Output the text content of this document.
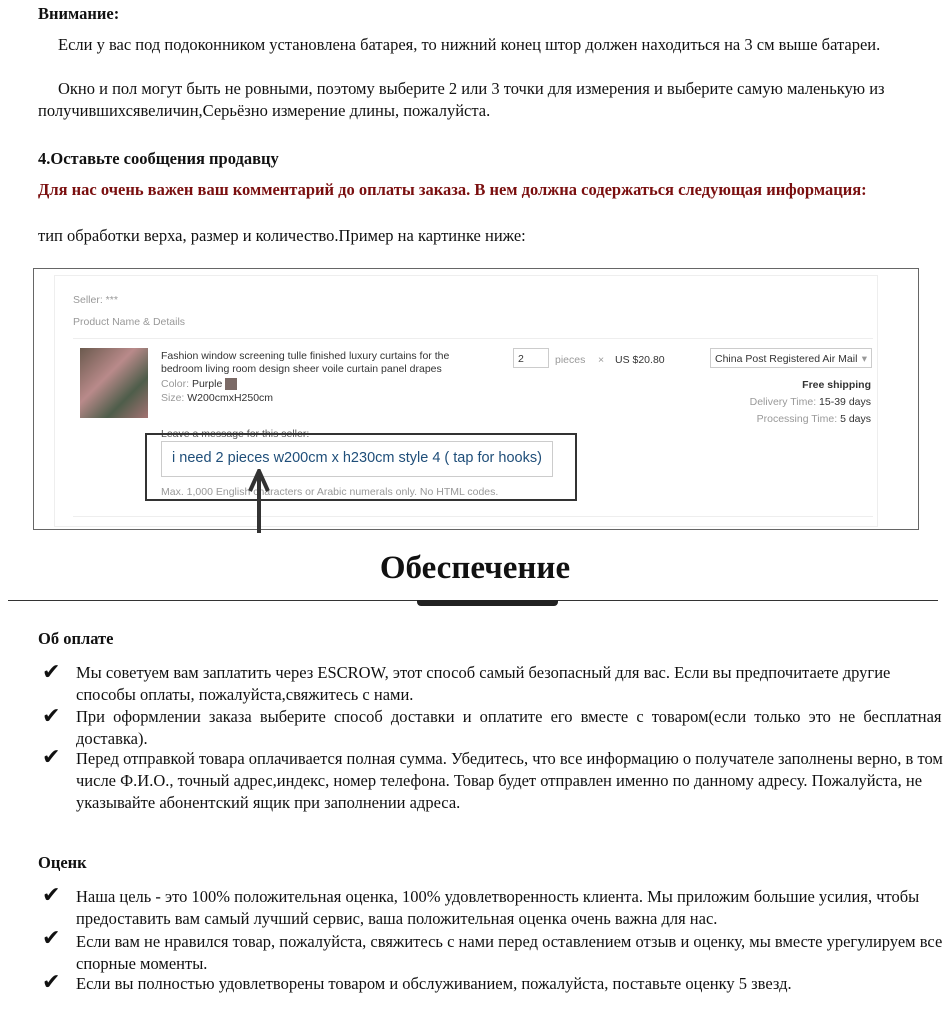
Внимание:
Если у вас под подоконником установлена батарея, то нижний конец штор должен находиться на 3 см выше батареи.
Окно и пол могут быть не ровными, поэтому выберите 2 или 3 точки для измерения и выберите самую маленькую из получившихсявеличин,Серьёзно измерение длины, пожалуйста.
4.Оставьте сообщения продавцу
Для нас очень важен ваш комментарий до оплаты заказа. В нем должна содержаться следующая информация:
тип обработки верха, размер и количество.Пример на картинке ниже:
Seller: ***
Product Name & Details
Fashion window screening tulle finished luxury curtains for the bedroom living room design sheer voile curtain panel drapes
Color: Purple
Size: W200cmxH250cm
2	pieces × US $20.80	China Post Registered Air Mail ▾
Free shipping
Delivery Time: 15-39 days
Processing Time: 5 days
Leave a message for this seller:
i need 2 pieces w200cm x h230cm style 4 ( tap for hooks)
Max. 1,000 English characters or Arabic numerals only. No HTML codes.
Обеспечение
Об оплате
✔ Мы советуем вам заплатить через ESCROW, этот способ самый безопасный для вас. Если вы предпочитаете другие способы оплаты, пожалуйста,свяжитесь с нами.
✔ При оформлении заказа выберите способ доставки и оплатите его вместе с товаром(если только это не бесплатная доставка).
✔ Перед отправкой товара оплачивается полная сумма. Убедитесь, что все информацию о получателе заполнены верно, в том числе Ф.И.О., точный адрес,индекс, номер телефона. Товар будет отправлен именно по данному адресу. Пожалуйста, не указывайте абонентский ящик при заполнении адреса.
Оценк
✔ Наша цель - это 100% положительная оценка, 100% удовлетворенность клиента. Мы приложим большие усилия, чтобы предоставить вам самый лучший сервис, ваша положительная оценка очень важна для нас.
✔ Если вам не нравился товар, пожалуйста, свяжитесь с нами перед оставлением отзыв и оценку, мы вместе урегулируем все спорные моменты.
✔ Если вы полностью удовлетворены товаром и обслуживанием, пожалуйста, поставьте оценку 5 звезд.
